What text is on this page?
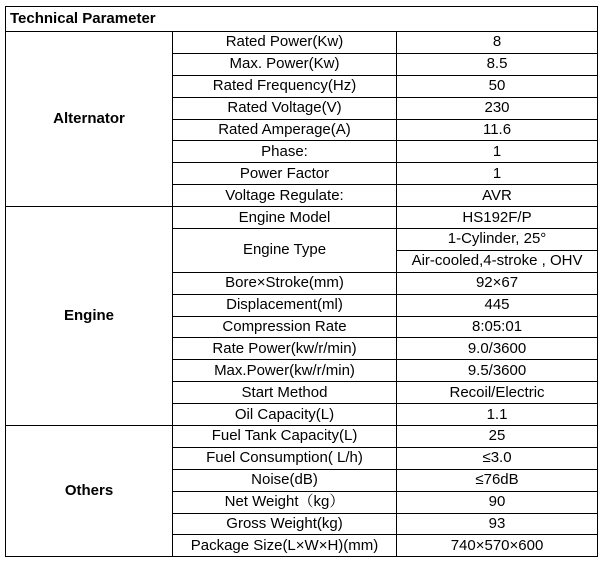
Technical Parameter		
Alternator	Rated Power(Kw)	8
	Max. Power(Kw)	8.5
	Rated Frequency(Hz)	50
	Rated Voltage(V)	230
	Rated Amperage(A)	11.6
	Phase:	1
	Power Factor	1
	Voltage Regulate:	AVR
Engine	Engine Model	HS192F/P
	Engine Type	1-Cylinder, 25°
		Air-cooled,4-stroke , OHV
	Bore×Stroke(mm)	92×67
	Displacement(ml)	445
	Compression Rate	8:05:01
	Rate Power(kw/r/min)	9.0/3600
	Max.Power(kw/r/min)	9.5/3600
	Start Method	Recoil/Electric
	Oil Capacity(L)	1.1
Others	Fuel Tank Capacity(L)	25
	Fuel Consumption( L/h)	≤3.0
	Noise(dB)	≤76dB
	Net Weight（kg）	90
	Gross Weight(kg)	93
	Package Size(L×W×H)(mm)	740×570×600
